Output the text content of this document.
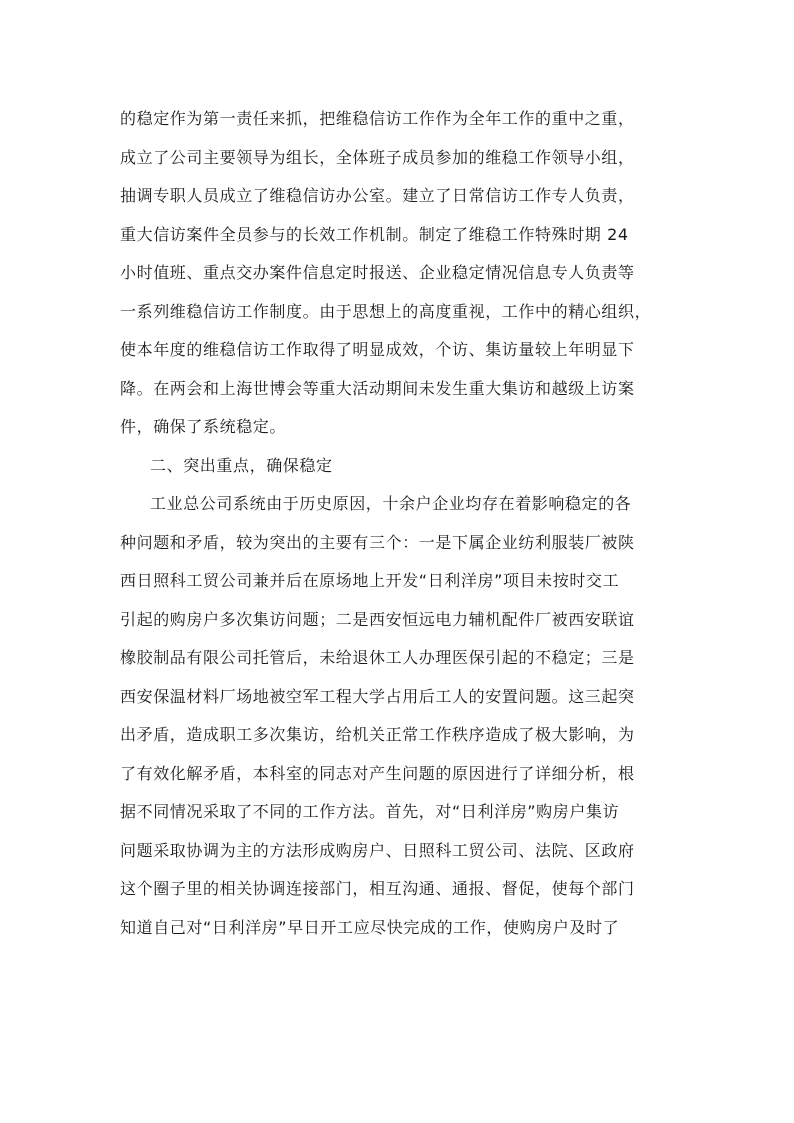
的稳定作为第一责任来抓，把维稳信访工作作为全年工作的重中之重，
成立了公司主要领导为组长，全体班子成员参加的维稳工作领导小组，
抽调专职人员成立了维稳信访办公室。建立了日常信访工作专人负责，
重大信访案件全员参与的长效工作机制。制定了维稳工作特殊时期 24
小时值班、重点交办案件信息定时报送、企业稳定情况信息专人负责等
一系列维稳信访工作制度。由于思想上的高度重视，工作中的精心组织，
使本年度的维稳信访工作取得了明显成效，个访、集访量较上年明显下
降。在两会和上海世博会等重大活动期间未发生重大集访和越级上访案
件，确保了系统稳定。
二、突出重点，确保稳定
工业总公司系统由于历史原因，十余户企业均存在着影响稳定的各
种问题和矛盾，较为突出的主要有三个：一是下属企业纺利服装厂被陕
西日照科工贸公司兼并后在原场地上开发“日利洋房”项目未按时交工
引起的购房户多次集访问题；二是西安恒远电力辅机配件厂被西安联谊
橡胶制品有限公司托管后，未给退休工人办理医保引起的不稳定；三是
西安保温材料厂场地被空军工程大学占用后工人的安置问题。这三起突
出矛盾，造成职工多次集访，给机关正常工作秩序造成了极大影响，为
了有效化解矛盾，本科室的同志对产生问题的原因进行了详细分析，根
据不同情况采取了不同的工作方法。首先，对“日利洋房”购房户集访
问题采取协调为主的方法形成购房户、日照科工贸公司、法院、区政府
这个圈子里的相关协调连接部门，相互沟通、通报、督促，使每个部门
知道自己对“日利洋房”早日开工应尽快完成的工作，使购房户及时了
